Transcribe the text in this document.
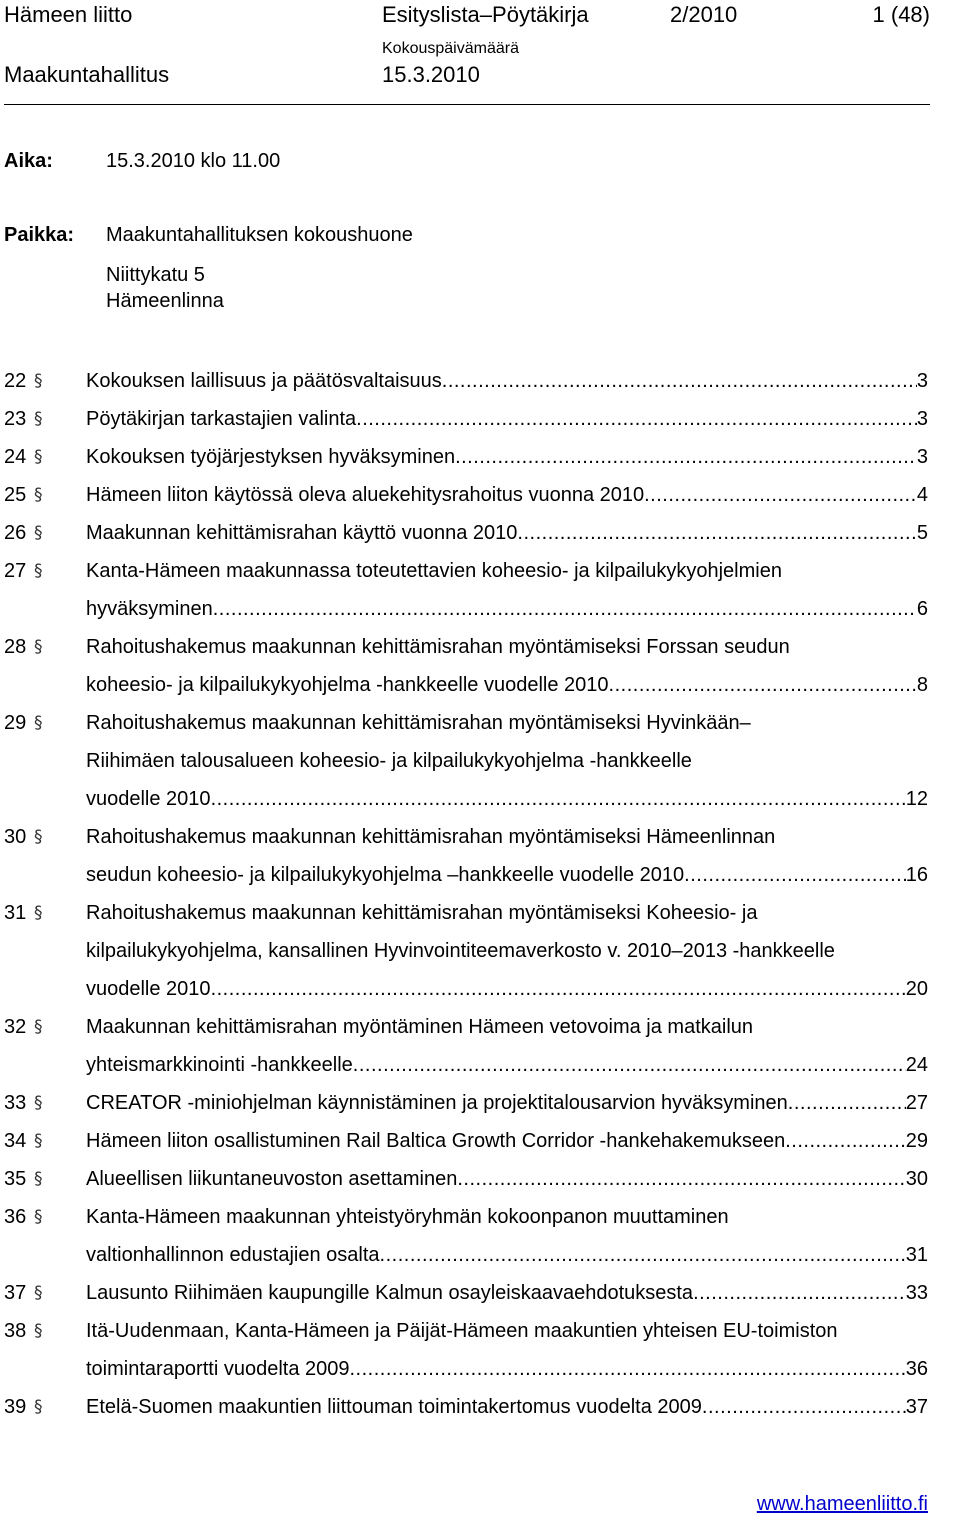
Hämeen liitto	Esityslista–Pöytäkirja	2/2010	1 (48)
Kokouspäivämäärä
Maakuntahallitus	15.3.2010
Aika:	15.3.2010 klo 11.00
Paikka: Maakuntahallituksen kokoushuone
Niittykatu 5
Hämeenlinna
22 §	Kokouksen laillisuus ja päätösvaltaisuus .....	3
23 §	Pöytäkirjan tarkastajien valinta .....	3
24 §	Kokouksen työjärjestyksen hyväksyminen .....	3
25 §	Hämeen liiton käytössä oleva aluekehitysrahoitus vuonna 2010 .....	4
26 §	Maakunnan kehittämisrahan käyttö vuonna 2010 .....	5
27 §	Kanta-Hämeen maakunnassa toteutettavien koheesio- ja kilpailukykyohjelmien
hyväksyminen .....	6
28 §	Rahoitushakemus maakunnan kehittämisrahan myöntämiseksi Forssan seudun
koheesio- ja kilpailukykyohjelma -hankkeelle vuodelle 2010 .....	8
29 §	Rahoitushakemus maakunnan kehittämisrahan myöntämiseksi Hyvinkään–
Riihimäen talousalueen koheesio- ja kilpailukykyohjelma -hankkeelle
vuodelle 2010 .....	12
30 §	Rahoitushakemus maakunnan kehittämisrahan myöntämiseksi Hämeenlinnan
seudun koheesio- ja kilpailukykyohjelma –hankkeelle vuodelle 2010 .....	16
31 §	Rahoitushakemus maakunnan kehittämisrahan myöntämiseksi Koheesio- ja
kilpailukykyohjelma, kansallinen Hyvinvointiteemaverkosto v. 2010–2013 -hankkeelle
vuodelle 2010 .....	20
32 §	Maakunnan kehittämisrahan myöntäminen Hämeen vetovoima ja matkailun
yhteismarkkinointi -hankkeelle .....	24
33 §	CREATOR -miniohjelman käynnistäminen ja projektitalousarvion hyväksyminen .....	27
34 §	Hämeen liiton osallistuminen Rail Baltica Growth Corridor -hankehakemukseen .....	29
35 §	Alueellisen liikuntaneuvoston asettaminen .....	30
36 §	Kanta-Hämeen maakunnan yhteistyöryhmän kokoonpanon muuttaminen
valtionhallinnon edustajien osalta .....	31
37 §	Lausunto Riihimäen kaupungille Kalmun osayleiskaavaehdotuksesta .....	33
38 §	Itä-Uudenmaan, Kanta-Hämeen ja Päijät-Hämeen maakuntien yhteisen EU-toimiston
toimintaraportti vuodelta 2009 .....	36
39 §	Etelä-Suomen maakuntien liittouman toimintakertomus vuodelta 2009 .....	37
www.hameenliitto.fi
